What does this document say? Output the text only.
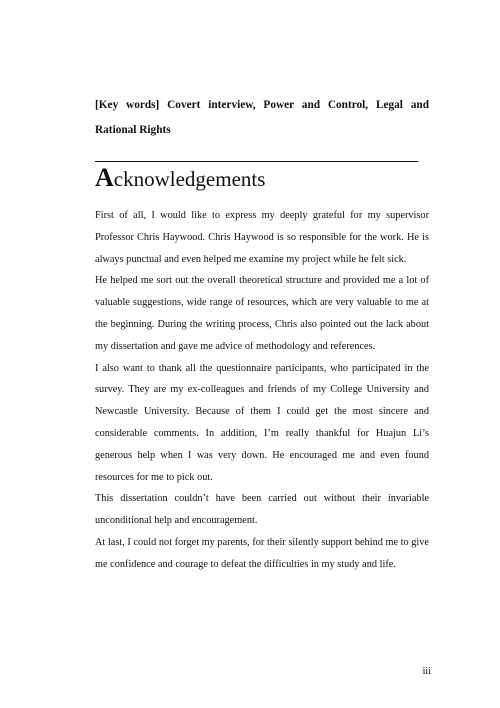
[Key words] Covert interview, Power and Control, Legal and Rational Rights
Acknowledgements

First of all, I would like to express my deeply grateful for my supervisor Professor Chris Haywood. Chris Haywood is so responsible for the work. He is always punctual and even helped me examine my project while he felt sick.

He helped me sort out the overall theoretical structure and provided me a lot of valuable suggestions, wide range of resources, which are very valuable to me at the beginning. During the writing process, Chris also pointed out the lack about my dissertation and gave me advice of methodology and references.

I also want to thank all the questionnaire participants, who participated in the survey. They are my ex-colleagues and friends of my College University and Newcastle University. Because of them I could get the most sincere and considerable comments. In addition, I’m really thankful for Huajun Li’s generous help when I was very down. He encouraged me and even found resources for me to pick out.

This dissertation couldn’t have been carried out without their invariable unconditional help and encouragement.

At last, I could not forget my parents, for their silently support behind me to give me confidence and courage to defeat the difficulties in my study and life.

iii
